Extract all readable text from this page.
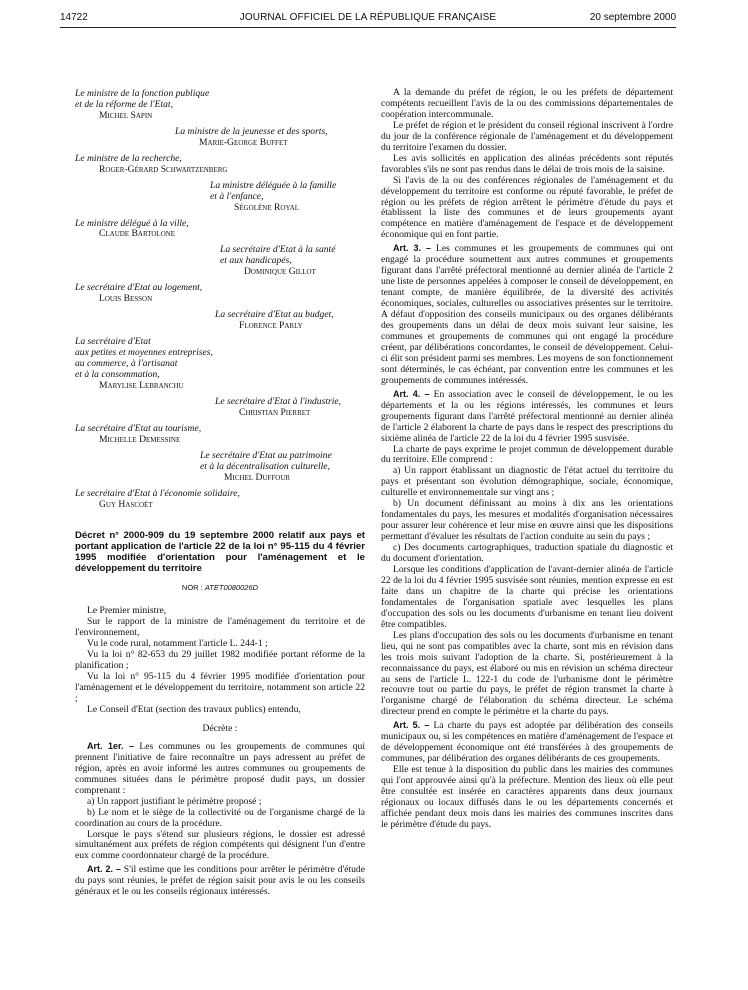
14722	JOURNAL OFFICIEL DE LA RÉPUBLIQUE FRANÇAISE	20 septembre 2000
Le ministre de la fonction publique
et de la réforme de l'Etat,
Michel Sapin
La ministre de la jeunesse et des sports,
Marie-George Buffet
Le ministre de la recherche,
Roger-Gérard Schwartzenberg
La ministre déléguée à la famille
et à l'enfance,
Ségolène Royal
Le ministre délégué à la ville,
Claude Bartolone
La secrétaire d'Etat à la santé
et aux handicapés,
Dominique Gillot
Le secrétaire d'Etat au logement,
Louis Besson
La secrétaire d'Etat au budget,
Florence Parly
La secrétaire d'Etat
aux petites et moyennes entreprises,
au commerce, à l'artisanat
et à la consommation,
Marylise Lebranchu
Le secrétaire d'Etat à l'industrie,
Christian Pierret
La secrétaire d'Etat au tourisme,
Michelle Demessine
Le secrétaire d'Etat au patrimoine
et à la décentralisation culturelle,
Michel Duffour
Le secrétaire d'Etat à l'économie solidaire,
Guy Hascoët
Décret n° 2000-909 du 19 septembre 2000 relatif aux pays et portant application de l'article 22 de la loi n° 95-115 du 4 février 1995 modifiée d'orientation pour l'aménagement et le développement du territoire
NOR : ATET0080026D

Le Premier ministre,

Sur le rapport de la ministre de l'aménagement du territoire et de l'environnement,

Vu le code rural, notamment l'article L. 244-1 ;

Vu la loi n° 82-653 du 29 juillet 1982 modifiée portant réforme de la planification ;

Vu la loi n° 95-115 du 4 février 1995 modifiée d'orientation pour l'aménagement et le développement du territoire, notamment son article 22 ;

Le Conseil d'Etat (section des travaux publics) entendu,

Décrète :

Art. 1er. – Les communes ou les groupements de communes qui prennent l'initiative de faire reconnaître un pays adressent au préfet de région, après en avoir informé les autres communes ou groupements de communes situées dans le périmètre proposé dudit pays, un dossier comprenant :

a) Un rapport justifiant le périmètre proposé ;

b) Le nom et le siège de la collectivité ou de l'organisme chargé de la coordination au cours de la procédure.

Lorsque le pays s'étend sur plusieurs régions, le dossier est adressé simultanément aux préfets de région compétents qui désignent l'un d'entre eux comme coordonnateur chargé de la procédure.

Art. 2. – S'il estime que les conditions pour arrêter le périmètre d'étude du pays sont réunies, le préfet de région saisit pour avis le ou les conseils généraux et le ou les conseils régionaux intéressés.

A la demande du préfet de région, le ou les préfets de département compétents recueillent l'avis de la ou des commissions départementales de coopération intercommunale.

Le préfet de région et le président du conseil régional inscrivent à l'ordre du jour de la conférence régionale de l'aménagement et du développement du territoire l'examen du dossier.

Les avis sollicités en application des alinéas précédents sont réputés favorables s'ils ne sont pas rendus dans le délai de trois mois de la saisine.

Si l'avis de la ou des conférences régionales de l'aménagement et du développement du territoire est conforme ou réputé favorable, le préfet de région ou les préfets de région arrêtent le périmètre d'étude du pays et établissent la liste des communes et de leurs groupements ayant compétence en matière d'aménagement de l'espace et de développement économique qui en font partie.

Art. 3. – Les communes et les groupements de communes qui ont engagé la procédure soumettent aux autres communes et groupements figurant dans l'arrêté préfectoral mentionné au dernier alinéa de l'article 2 une liste de personnes appelées à composer le conseil de développement, en tenant compte, de manière équilibrée, de la diversité des activités économiques, sociales, culturelles ou associatives présentes sur le territoire. A défaut d'opposition des conseils municipaux ou des organes délibérants des groupements dans un délai de deux mois suivant leur saisine, les communes et groupements de communes qui ont engagé la procédure créent, par délibérations concordantes, le conseil de développement. Celui-ci élit son président parmi ses membres. Les moyens de son fonctionnement sont déterminés, le cas échéant, par convention entre les communes et les groupements de communes intéressés.

Art. 4. – En association avec le conseil de développement, le ou les départements et la ou les régions intéressés, les communes et leurs groupements figurant dans l'arrêté préfectoral mentionné au dernier alinéa de l'article 2 élaborent la charte de pays dans le respect des prescriptions du sixième alinéa de l'article 22 de la loi du 4 février 1995 susvisée.

La charte de pays exprime le projet commun de développement durable du territoire. Elle comprend :

a) Un rapport établissant un diagnostic de l'état actuel du territoire du pays et présentant son évolution démographique, sociale, économique, culturelle et environnementale sur vingt ans ;

b) Un document définissant au moins à dix ans les orientations fondamentales du pays, les mesures et modalités d'organisation nécessaires pour assurer leur cohérence et leur mise en œuvre ainsi que les dispositions permettant d'évaluer les résultats de l'action conduite au sein du pays ;

c) Des documents cartographiques, traduction spatiale du diagnostic et du document d'orientation.

Lorsque les conditions d'application de l'avant-dernier alinéa de l'article 22 de la loi du 4 février 1995 susvisée sont réunies, mention expresse en est faite dans un chapitre de la charte qui précise les orientations fondamentales de l'organisation spatiale avec lesquelles les plans d'occupation des sols ou les documents d'urbanisme en tenant lieu doivent être compatibles.

Les plans d'occupation des sols ou les documents d'urbanisme en tenant lieu, qui ne sont pas compatibles avec la charte, sont mis en révision dans les trois mois suivant l'adoption de la charte. Si, postérieurement à la reconnaissance du pays, est élaboré ou mis en révision un schéma directeur au sens de l'article L. 122-1 du code de l'urbanisme dont le périmètre recouvre tout ou partie du pays, le préfet de région transmet la charte à l'organisme chargé de l'élaboration du schéma directeur. Le schéma directeur prend en compte le périmètre et la charte du pays.

Art. 5. – La charte du pays est adoptée par délibération des conseils municipaux ou, si les compétences en matière d'aménagement de l'espace et de développement économique ont été transférées à des groupements de communes, par délibération des organes délibérants de ces groupements.

Elle est tenue à la disposition du public dans les mairies des communes qui l'ont approuvée ainsi qu'à la préfecture. Mention des lieux où elle peut être consultée est insérée en caractères apparents dans deux journaux régionaux ou locaux diffusés dans le ou les départements concernés et affichée pendant deux mois dans les mairies des communes inscrites dans le périmètre d'étude du pays.
